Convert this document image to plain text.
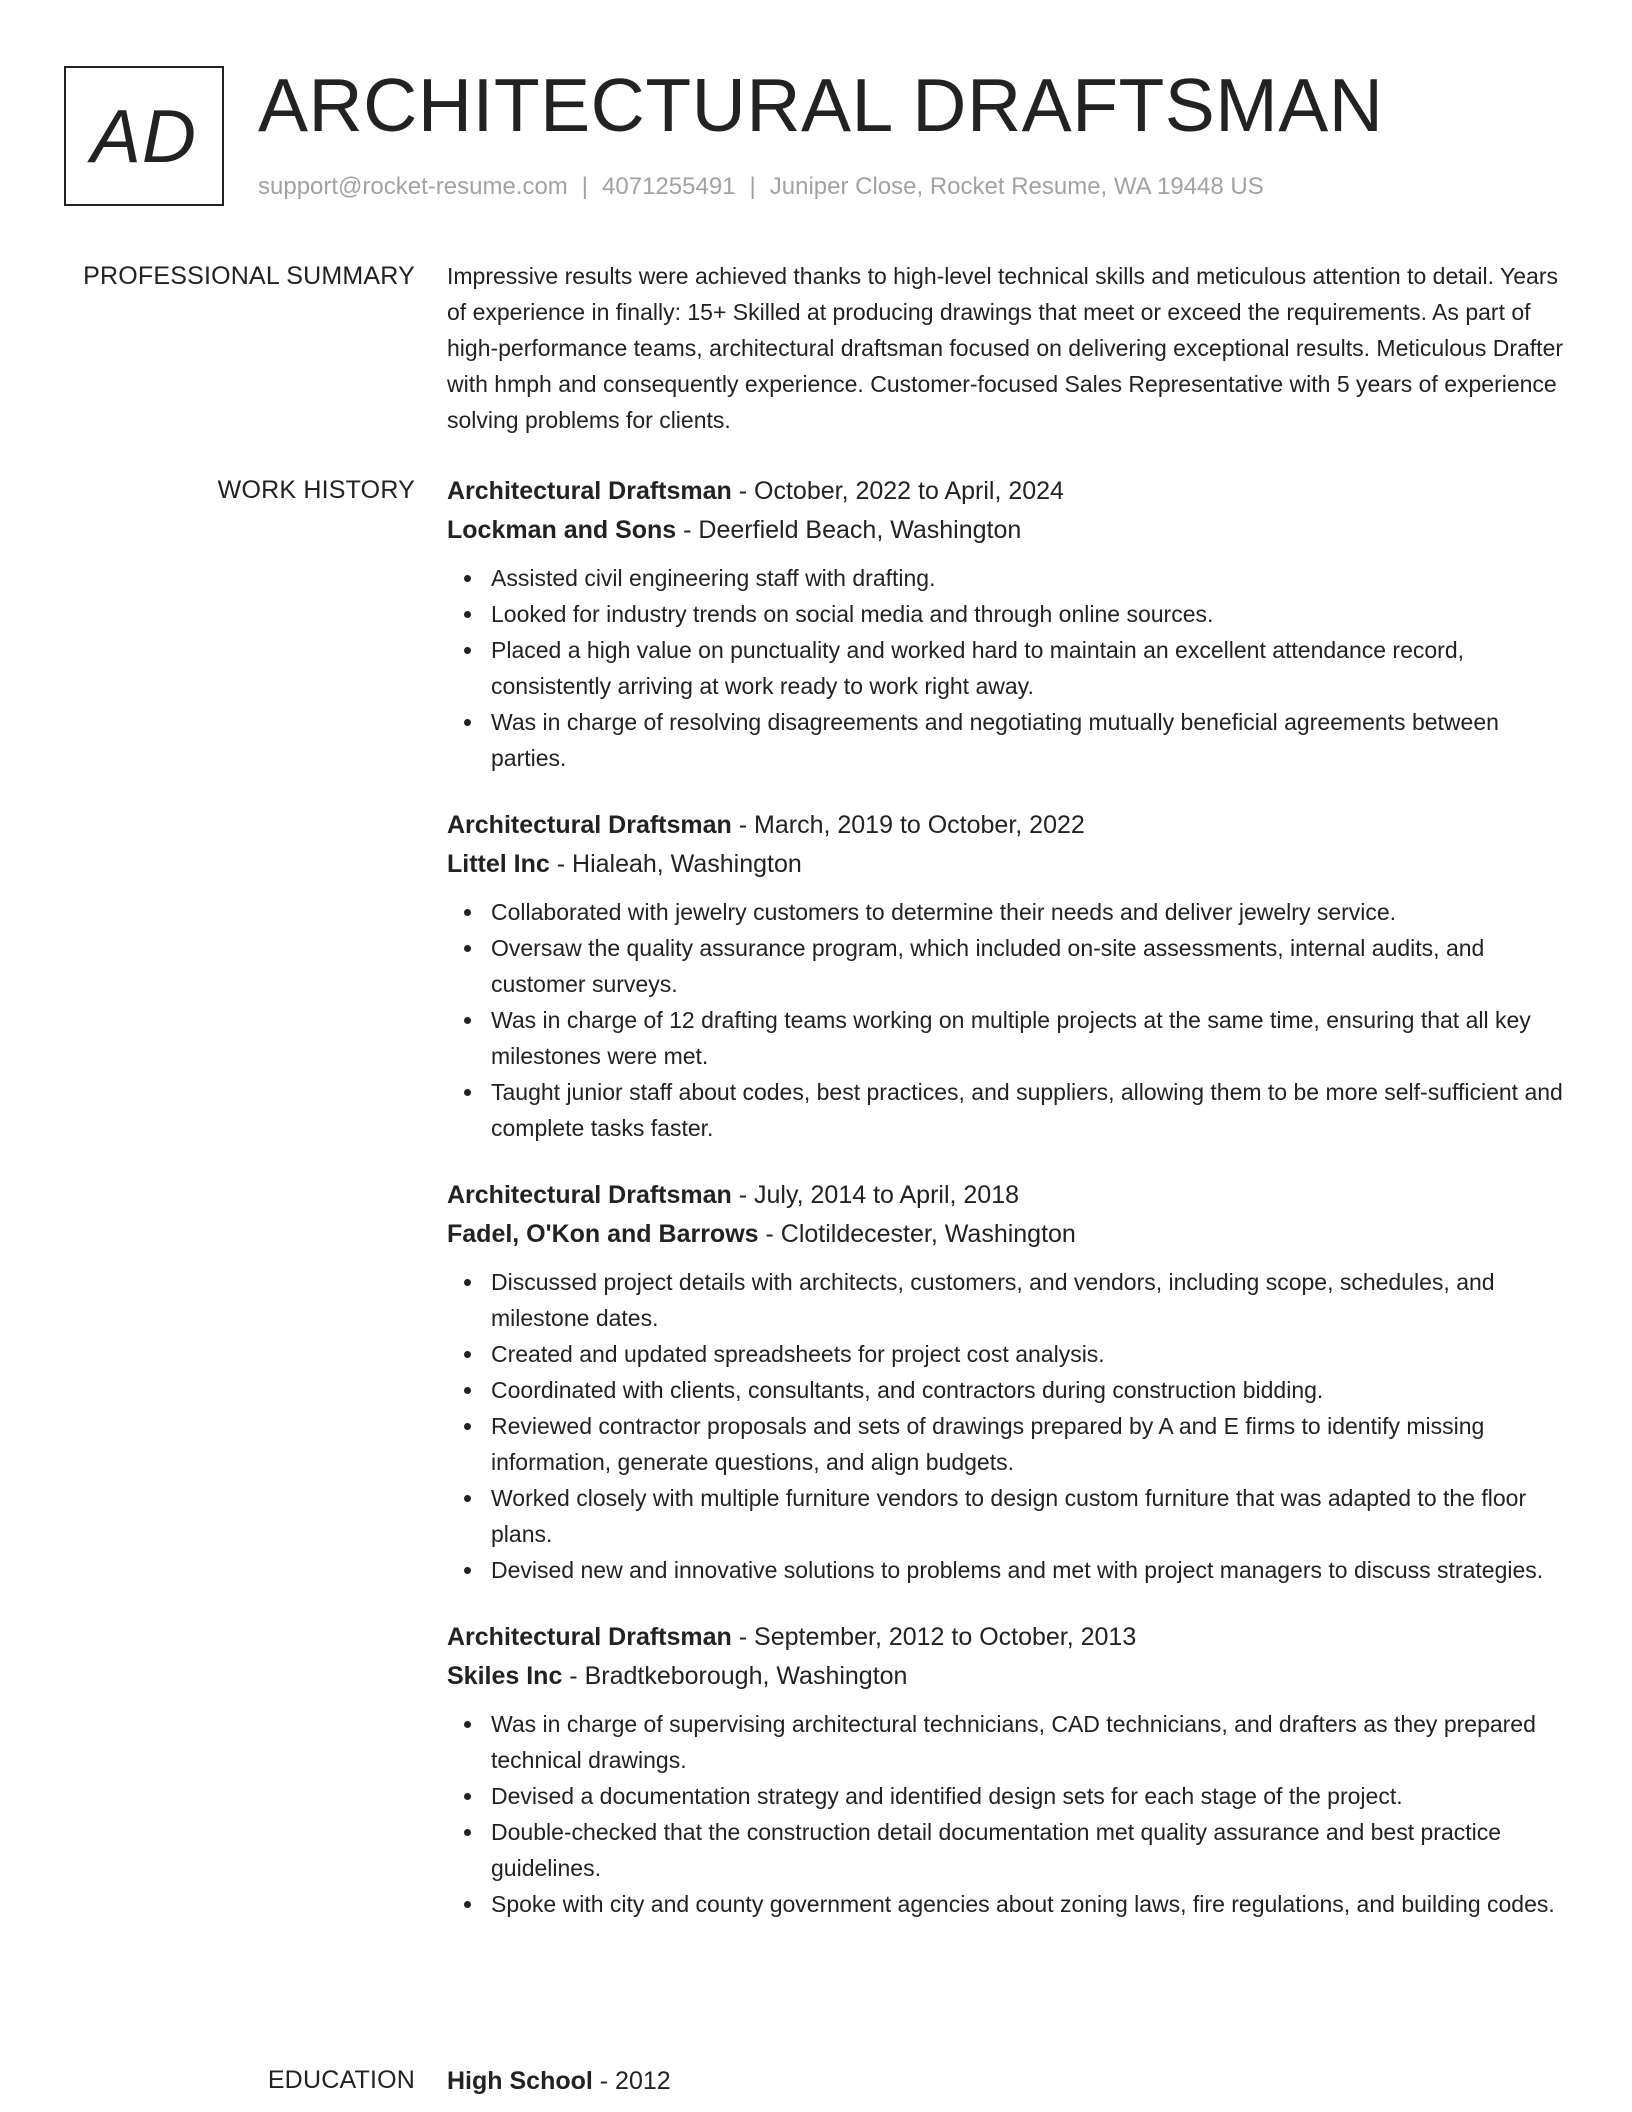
AD ARCHITECTURAL DRAFTSMAN
support@rocket-resume.com | 4071255491 | Juniper Close, Rocket Resume, WA 19448 US
PROFESSIONAL SUMMARY Impressive results were achieved thanks to high-level technical skills and meticulous attention to detail. Years of experience in finally: 15+ Skilled at producing drawings that meet or exceed the requirements. As part of high-performance teams, architectural draftsman focused on delivering exceptional results. Meticulous Drafter with hmph and consequently experience. Customer-focused Sales Representative with 5 years of experience solving problems for clients.

WORK HISTORY Architectural Draftsman - October, 2022 to April, 2024
Lockman and Sons - Deerfield Beach, Washington
Assisted civil engineering staff with drafting.
Looked for industry trends on social media and through online sources.
Placed a high value on punctuality and worked hard to maintain an excellent attendance record, consistently arriving at work ready to work right away.
Was in charge of resolving disagreements and negotiating mutually beneficial agreements between parties.
Architectural Draftsman - March, 2019 to October, 2022
Littel Inc - Hialeah, Washington
Collaborated with jewelry customers to determine their needs and deliver jewelry service.
Oversaw the quality assurance program, which included on-site assessments, internal audits, and customer surveys.
Was in charge of 12 drafting teams working on multiple projects at the same time, ensuring that all key milestones were met.
Taught junior staff about codes, best practices, and suppliers, allowing them to be more self-sufficient and complete tasks faster.
Architectural Draftsman - July, 2014 to April, 2018
Fadel, O'Kon and Barrows - Clotildecester, Washington
Discussed project details with architects, customers, and vendors, including scope, schedules, and milestone dates.
Created and updated spreadsheets for project cost analysis.
Coordinated with clients, consultants, and contractors during construction bidding.
Reviewed contractor proposals and sets of drawings prepared by A and E firms to identify missing information, generate questions, and align budgets.
Worked closely with multiple furniture vendors to design custom furniture that was adapted to the floor plans.
Devised new and innovative solutions to problems and met with project managers to discuss strategies.
Architectural Draftsman - September, 2012 to October, 2013
Skiles Inc - Bradtkeborough, Washington
Was in charge of supervising architectural technicians, CAD technicians, and drafters as they prepared technical drawings.
Devised a documentation strategy and identified design sets for each stage of the project.
Double-checked that the construction detail documentation met quality assurance and best practice guidelines.
Spoke with city and county government agencies about zoning laws, fire regulations, and building codes.
EDUCATION High School - 2012
